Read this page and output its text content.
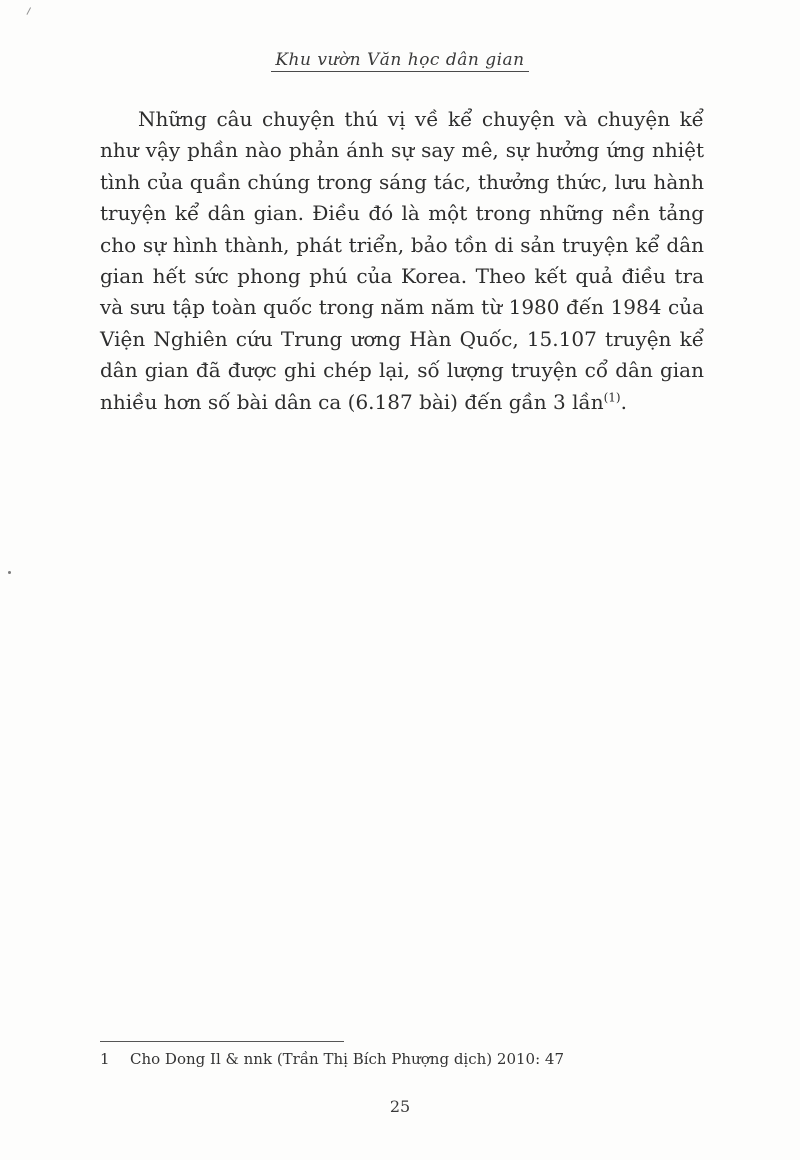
Khu vườn Văn học dân gian

Những câu chuyện thú vị về kể chuyện và chuyện kể như vậy phần nào phản ánh sự say mê, sự hưởng ứng nhiệt tình của quần chúng trong sáng tác, thưởng thức, lưu hành truyện kể dân gian. Điều đó là một trong những nền tảng cho sự hình thành, phát triển, bảo tồn di sản truyện kể dân gian hết sức phong phú của Korea. Theo kết quả điều tra và sưu tập toàn quốc trong năm năm từ 1980 đến 1984 của Viện Nghiên cứu Trung ương Hàn Quốc, 15.107 truyện kể dân gian đã được ghi chép lại, số lượng truyện cổ dân gian nhiều hơn số bài dân ca (6.187 bài) đến gần 3 lần$^{(1)}$.

1 Cho Dong Il & nnk (Trần Thị Bích Phượng dịch) 2010: 47
25
